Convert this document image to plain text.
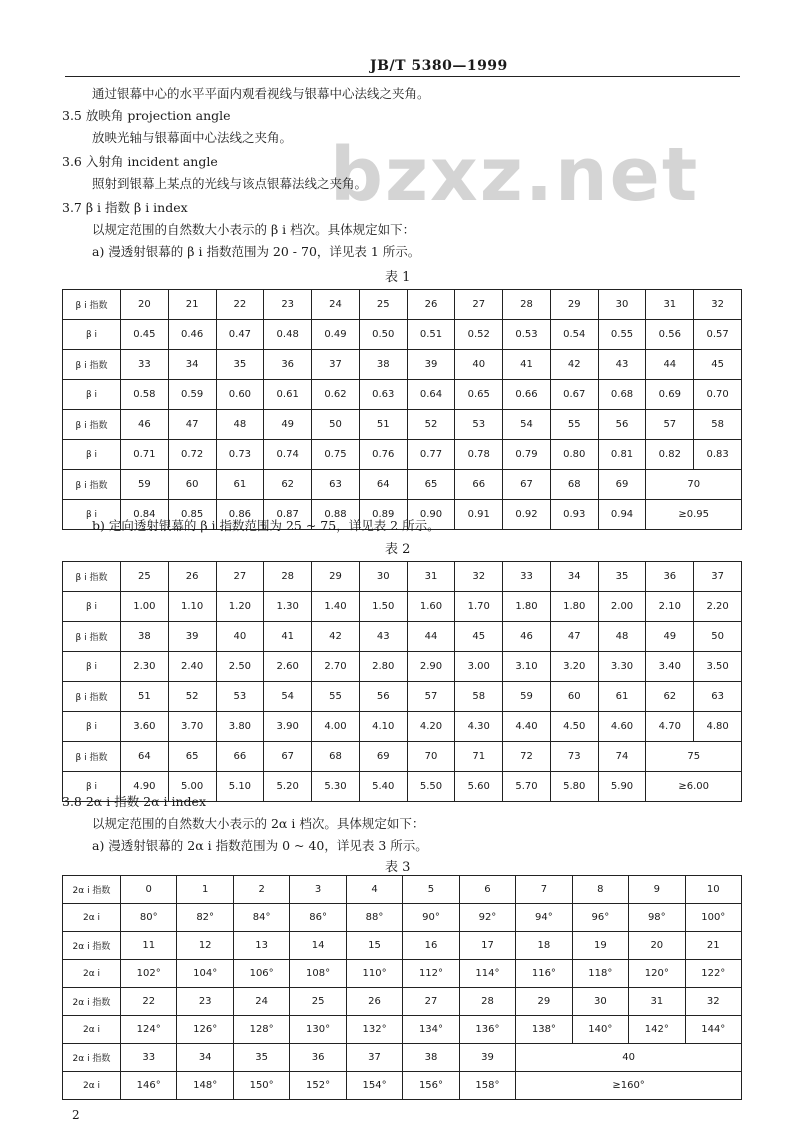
JB/T 5380—1999
bzxz.net
通过银幕中心的水平平面内观看视线与银幕中心法线之夹角。
3.5 放映角 projection angle
放映光轴与银幕面中心法线之夹角。
3.6 入射角 incident angle
照射到银幕上某点的光线与该点银幕法线之夹角。
3.7 β i 指数 β i index
以规定范围的自然数大小表示的 β i 档次。具体规定如下：
a) 漫透射银幕的 β i 指数范围为 20 - 70，详见表 1 所示。
表 1
β i 指数	20	21	22	23	24	25	26	27	28	29	30	31	32
β i	0.45	0.46	0.47	0.48	0.49	0.50	0.51	0.52	0.53	0.54	0.55	0.56	0.57
β i 指数	33	34	35	36	37	38	39	40	41	42	43	44	45
β i	0.58	0.59	0.60	0.61	0.62	0.63	0.64	0.65	0.66	0.67	0.68	0.69	0.70
β i 指数	46	47	48	49	50	51	52	53	54	55	56	57	58
β i	0.71	0.72	0.73	0.74	0.75	0.76	0.77	0.78	0.79	0.80	0.81	0.82	0.83
β i 指数	59	60	61	62	63	64	65	66	67	68	69	70	
β i	0.84	0.85	0.86	0.87	0.88	0.89	0.90	0.91	0.92	0.93	0.94	≥0.95	
b) 定向透射银幕的 β i 指数范围为 25 ~ 75，详见表 2 所示。
表 2
β i 指数	25	26	27	28	29	30	31	32	33	34	35	36	37
β i	1.00	1.10	1.20	1.30	1.40	1.50	1.60	1.70	1.80	1.80	2.00	2.10	2.20
β i 指数	38	39	40	41	42	43	44	45	46	47	48	49	50
β i	2.30	2.40	2.50	2.60	2.70	2.80	2.90	3.00	3.10	3.20	3.30	3.40	3.50
β i 指数	51	52	53	54	55	56	57	58	59	60	61	62	63
β i	3.60	3.70	3.80	3.90	4.00	4.10	4.20	4.30	4.40	4.50	4.60	4.70	4.80
β i 指数	64	65	66	67	68	69	70	71	72	73	74	75	
β i	4.90	5.00	5.10	5.20	5.30	5.40	5.50	5.60	5.70	5.80	5.90	≥6.00	
3.8 2α i 指数 2α i index
以规定范围的自然数大小表示的 2α i 档次。具体规定如下：
a) 漫透射银幕的 2α i 指数范围为 0 ~ 40，详见表 3 所示。
表 3
2α i 指数	0	1	2	3	4	5	6	7	8	9	10
2α i	80°	82°	84°	86°	88°	90°	92°	94°	96°	98°	100°
2α i 指数	11	12	13	14	15	16	17	18	19	20	21
2α i	102°	104°	106°	108°	110°	112°	114°	116°	118°	120°	122°
2α i 指数	22	23	24	25	26	27	28	29	30	31	32
2α i	124°	126°	128°	130°	132°	134°	136°	138°	140°	142°	144°
2α i 指数	33	34	35	36	37	38	39	40			
2α i	146°	148°	150°	152°	154°	156°	158°	≥160°			
2
